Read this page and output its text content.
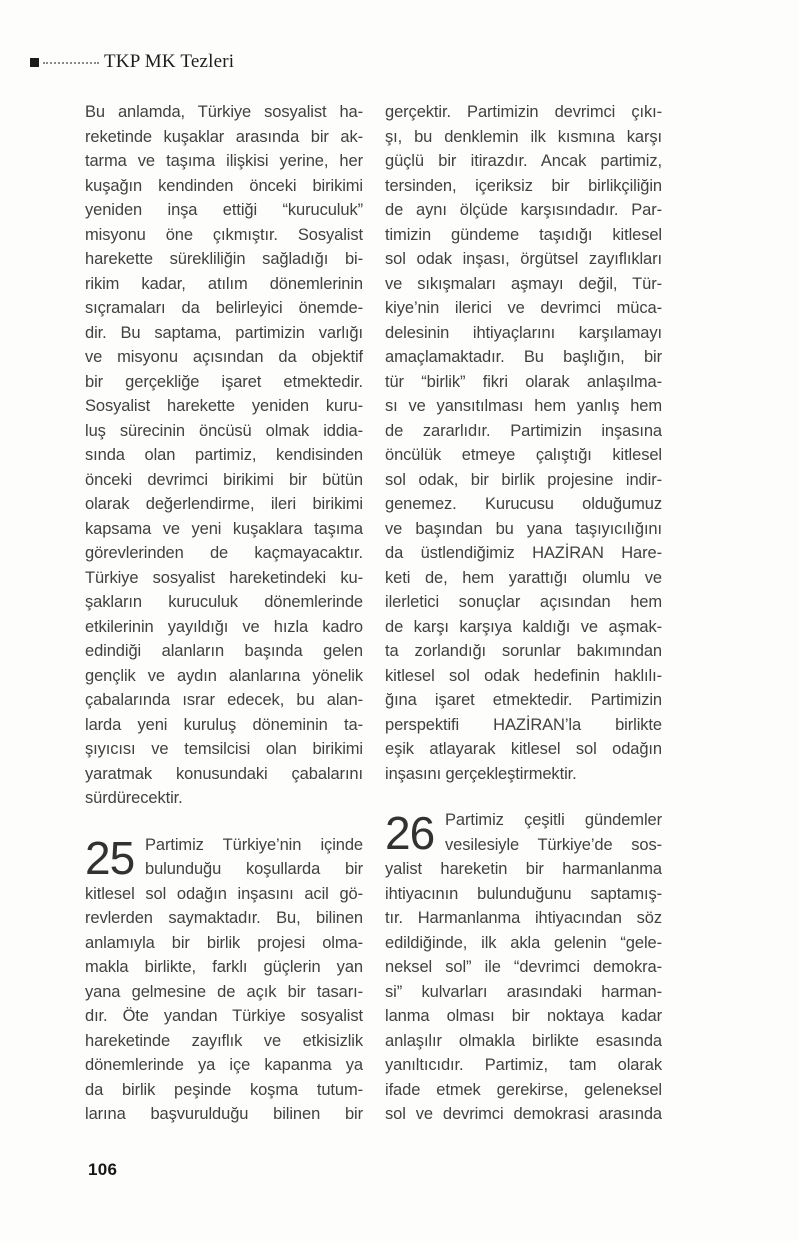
TKP MK Tezleri
Bu anlamda, Türkiye sosyalist ha-
reketinde kuşaklar arasında bir ak-
tarma ve taşıma ilişkisi yerine, her
kuşağın kendinden önceki birikimi
yeniden inşa ettiği “kuruculuk”
misyonu öne çıkmıştır. Sosyalist
harekette sürekliliğin sağladığı bi-
rikim kadar, atılım dönemlerinin
sıçramaları da belirleyici önemde-
dir. Bu saptama, partimizin varlığı
ve misyonu açısından da objektif
bir gerçekliğe işaret etmektedir.
Sosyalist harekette yeniden kuru-
luş sürecinin öncüsü olmak iddia-
sında olan partimiz, kendisinden
önceki devrimci birikimi bir bütün
olarak değerlendirme, ileri birikimi
kapsama ve yeni kuşaklara taşıma
görevlerinden de kaçmayacaktır.
Türkiye sosyalist hareketindeki ku-
şakların kuruculuk dönemlerinde
etkilerinin yayıldığı ve hızla kadro
edindiği alanların başında gelen
gençlik ve aydın alanlarına yönelik
çabalarında ısrar edecek, bu alan-
larda yeni kuruluş döneminin ta-
şıyıcısı ve temsilcisi olan birikimi
yaratmak konusundaki çabalarını
sürdürecektir.
25 Partimiz Türkiye’nin içinde
bulunduğu koşullarda bir
kitlesel sol odağın inşasını acil gö-
revlerden saymaktadır. Bu, bilinen
anlamıyla bir birlik projesi olma-
makla birlikte, farklı güçlerin yan
yana gelmesine de açık bir tasarı-
dır. Öte yandan Türkiye sosyalist
hareketinde zayıflık ve etkisizlik
dönemlerinde ya içe kapanma ya
da birlik peşinde koşma tutum-
larına başvurulduğu bilinen bir
gerçektir. Partimizin devrimci çıkı-
şı, bu denklemin ilk kısmına karşı
güçlü bir itirazdır. Ancak partimiz,
tersinden, içeriksiz bir birlikçiliğin
de aynı ölçüde karşısındadır. Par-
timizin gündeme taşıdığı kitlesel
sol odak inşası, örgütsel zayıflıkları
ve sıkışmaları aşmayı değil, Tür-
kiye’nin ilerici ve devrimci müca-
delesinin ihtiyaçlarını karşılamayı
amaçlamaktadır. Bu başlığın, bir
tür “birlik” fikri olarak anlaşılma-
sı ve yansıtılması hem yanlış hem
de zararlıdır. Partimizin inşasına
öncülük etmeye çalıştığı kitlesel
sol odak, bir birlik projesine indir-
genemez. Kurucusu olduğumuz
ve başından bu yana taşıyıcılığını
da üstlendiğimiz HAZİRAN Hare-
keti de, hem yarattığı olumlu ve
ilerletici sonuçlar açısından hem
de karşı karşıya kaldığı ve aşmak-
ta zorlandığı sorunlar bakımından
kitlesel sol odak hedefinin haklılı-
ğına işaret etmektedir. Partimizin
perspektifi HAZİRAN’la birlikte
eşik atlayarak kitlesel sol odağın
inşasını gerçekleştirmektir.
26 Partimiz çeşitli gündemler
vesilesiyle Türkiye’de sos-
yalist hareketin bir harmanlanma
ihtiyacının bulunduğunu saptamış-
tır. Harmanlanma ihtiyacından söz
edildiğinde, ilk akla gelenin “gele-
neksel sol” ile “devrimci demokra-
si” kulvarları arasındaki harman-
lanma olması bir noktaya kadar
anlaşılır olmakla birlikte esasında
yanıltıcıdır. Partimiz, tam olarak
ifade etmek gerekirse, geleneksel
sol ve devrimci demokrasi arasında
106
